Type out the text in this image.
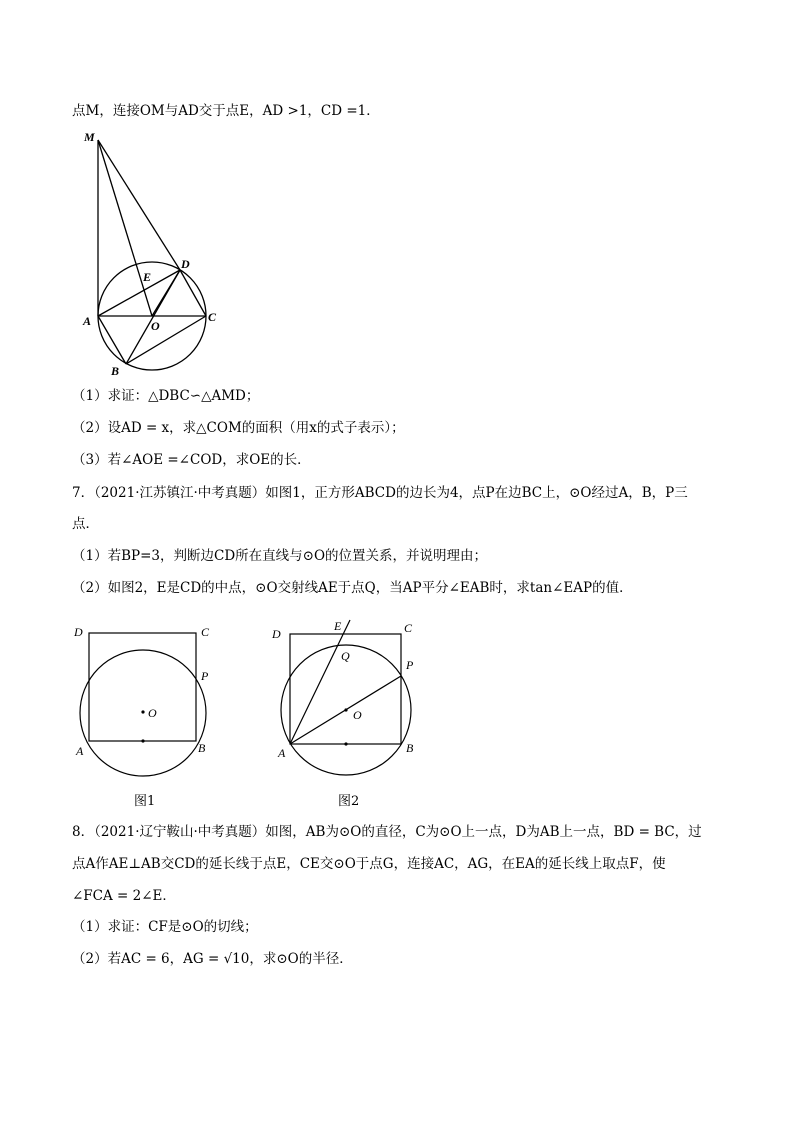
点M，连接OM与AD交于点E，AD >1，CD =1．
M
D
E
A	O
C
B
（1）求证：△DBC∽△AMD；
（2）设AD = x，求△COM的面积（用x的式子表示）；
（3）若∠AOE =∠COD，求OE的长．
7．（2021·江苏镇江·中考真题）如图1，正方形ABCD的边长为4，点P在边BC上，⊙O经过A，B，P三
点．
（1）若BP=3，判断边CD所在直线与⊙O的位置关系，并说明理由；
（2）如图2，E是CD的中点，⊙O交射线AE于点Q，当AP平分∠EAB时，求tan∠EAP的值．
D	C
P
O
A	B
图1
D
E	C
Q
P
O
A	B
图2
8．（2021·辽宁鞍山·中考真题）如图，AB为⊙O的直径，C为⊙O上一点，D为AB上一点，BD = BC，过
点A作AE⊥AB交CD的延长线于点E，CE交⊙O于点G，连接AC，AG，在EA的延长线上取点F，使
∠FCA = 2∠E．
（1）求证：CF是⊙O的切线；
（2）若AC = 6，AG = √10，求⊙O的半径．
